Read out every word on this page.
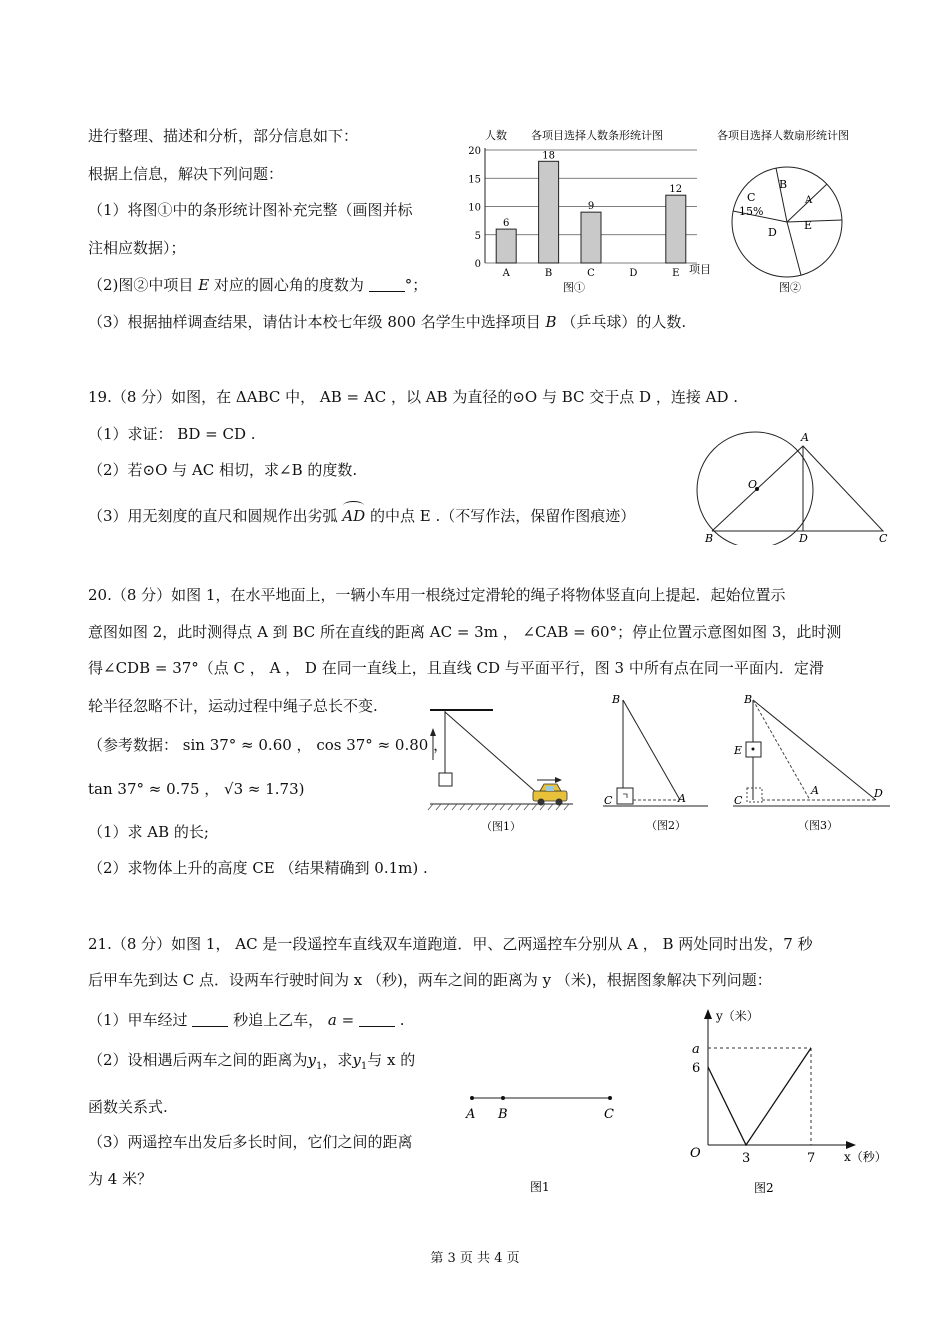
进行整理、描述和分析，部分信息如下：
根据上信息，解决下列问题：
（1）将图①中的条形统计图补充完整（画图并标
注相应数据）；
（2)图②中项目 E 对应的圆心角的度数为	°；
（3）根据抽样调查结果，请估计本校七年级 800 名学生中选择项目 B （乒乓球）的人数.
人数 各项目选择人数条形统计图
0
5
10
15
20
6
18
9
12
A	B	C	D	E 项目
图①
各项目选择人数扇形统计图
B
A
C
15%
D
E
图②
19.（8 分）如图，在 ΔABC 中， AB = AC ，以 AB 为直径的⊙O 与 BC 交于点 D ，连接 AD .
（1）求证： BD = CD .
（2）若⊙O 与 AC 相切，求∠B 的度数.
（3）用无刻度的直尺和圆规作出劣弧 AD 的中点 E .（不写作法，保留作图痕迹）
O
A
B	D	C
20.（8 分）如图 1，在水平地面上，一辆小车用一根绕过定滑轮的绳子将物体竖直向上提起．起始位置示
意图如图 2，此时测得点 A 到 BC 所在直线的距离 AC = 3m ， ∠CAB = 60°；停止位置示意图如图 3，此时测
得∠CDB = 37°（点 C ， A ， D 在同一直线上，且直线 CD 与平面平行，图 3 中所有点在同一平面内．定滑
轮半径忽略不计，运动过程中绳子总长不变.
（参考数据： sin 37° ≈ 0.60 ， cos 37° ≈ 0.80 ，
tan 37° ≈ 0.75 ， √3 ≈ 1.73)
（1）求 AB 的长;
（2）求物体上升的高度 CE （结果精确到 0.1m) .
（图1）
B
C	A
（图2）
B
E
C
A	D
（图3）
21.（8 分）如图 1， AC 是一段遥控车直线双车道跑道．甲、乙两遥控车分别从 A ， B 两处同时出发，7 秒
后甲车先到达 C 点．设两车行驶时间为 x （秒)，两车之间的距离为 y （米)，根据图象解决下列问题：
（1）甲车经过	秒追上乙车， a =	.
（2）设相遇后两车之间的距离为$y_1$，求$y_1$与 x 的
函数关系式.
（3）两遥控车出发后多长时间，它们之间的距离
为 4 米？
A B	C
图1
y（米）
x（秒）
O
a
6
3	7
图2
第 3 页 共 4 页
